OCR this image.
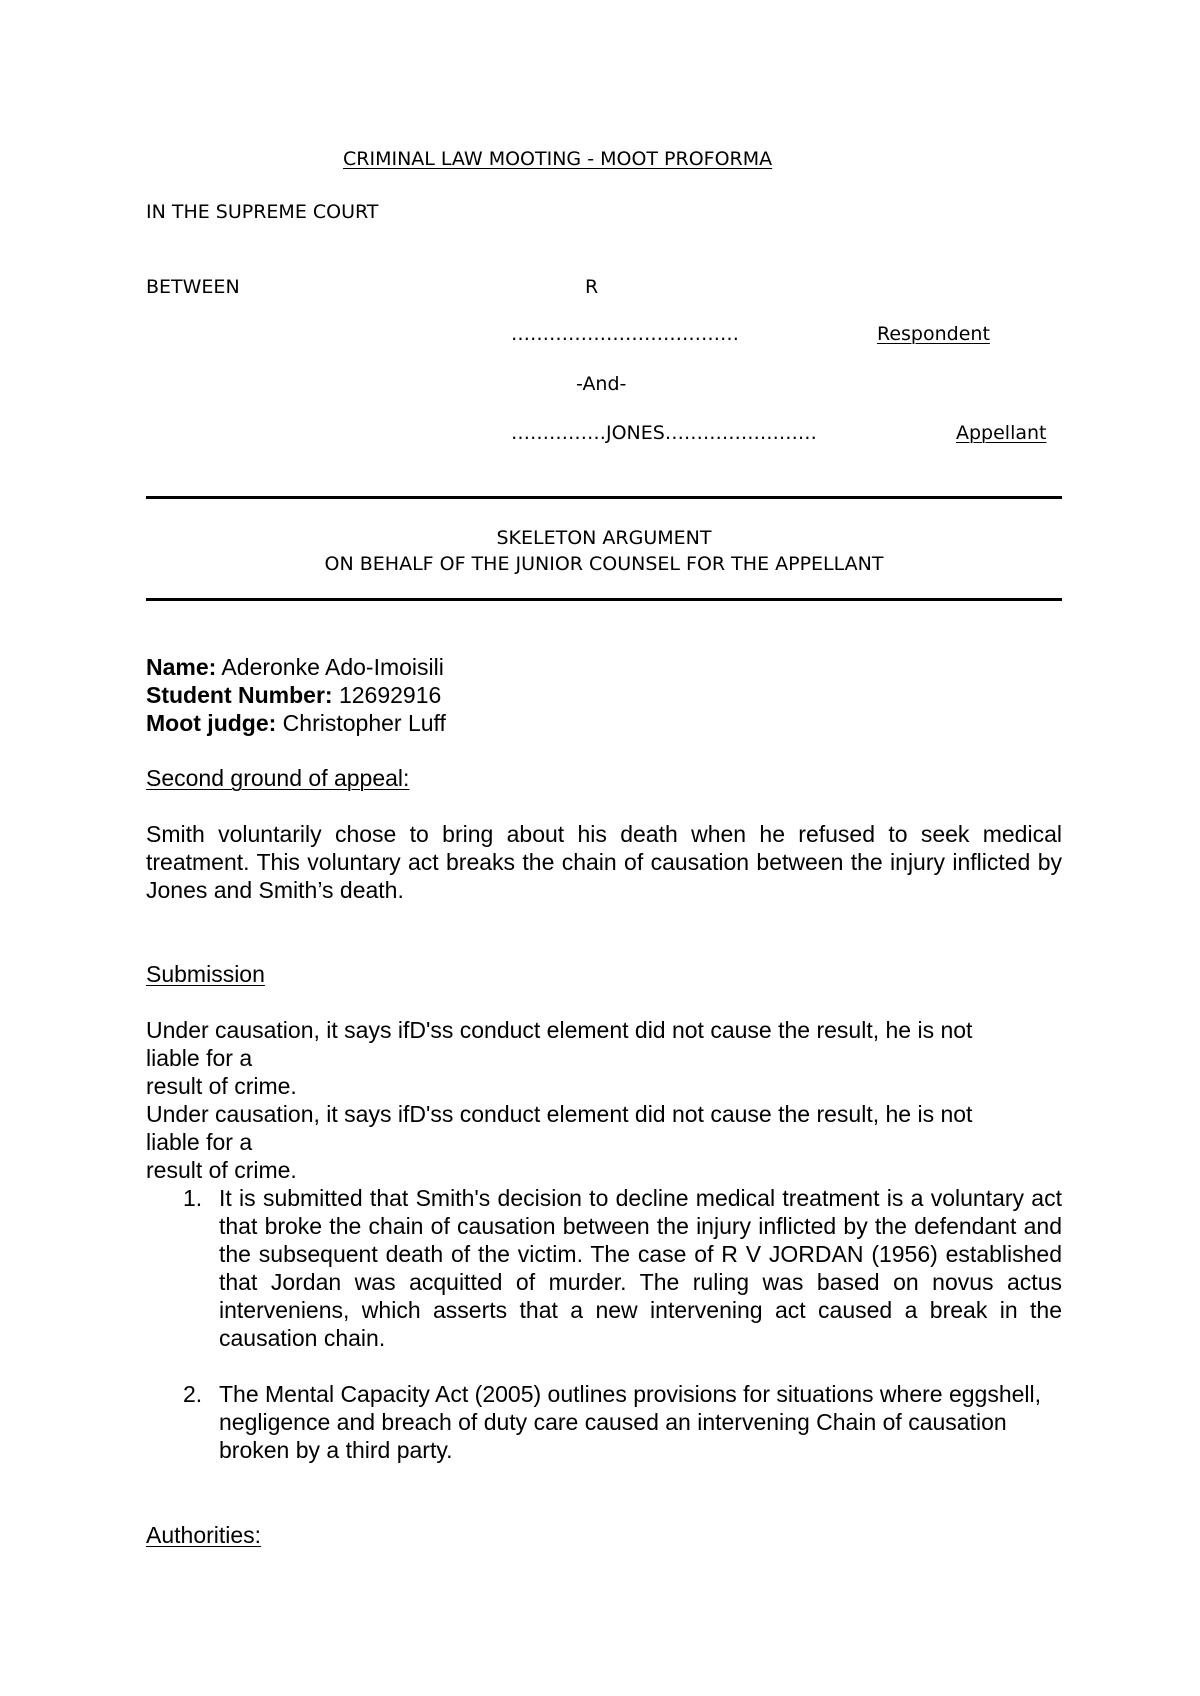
CRIMINAL LAW MOOTING - MOOT PROFORMA
IN THE SUPREME COURT
BETWEEN	R
………………………………	Respondent
-And-
……………JONES……………………	Appellant
SKELETON ARGUMENT
ON BEHALF OF THE JUNIOR COUNSEL FOR THE APPELLANT
Name: Aderonke Ado-Imoisili
Student Number: 12692916
Moot judge: Christopher Luff
Second ground of appeal:
Smith voluntarily chose to bring about his death when he refused to seek medical treatment. This voluntary act breaks the chain of causation between the injury inflicted by Jones and Smith’s death.
Submission
Under causation, it says ifD'ss conduct element did not cause the result, he is not
liable for a
result of crime.
Under causation, it says ifD'ss conduct element did not cause the result, he is not
liable for a
result of crime.
1. It is submitted that Smith's decision to decline medical treatment is a voluntary act that broke the chain of causation between the injury inflicted by the defendant and the subsequent death of the victim. The case of R V JORDAN (1956) established that Jordan was acquitted of murder. The ruling was based on novus actus interveniens, which asserts that a new intervening act caused a break in the causation chain.
2. The Mental Capacity Act (2005) outlines provisions for situations where eggshell, negligence and breach of duty care caused an intervening Chain of causation broken by a third party.
Authorities:
